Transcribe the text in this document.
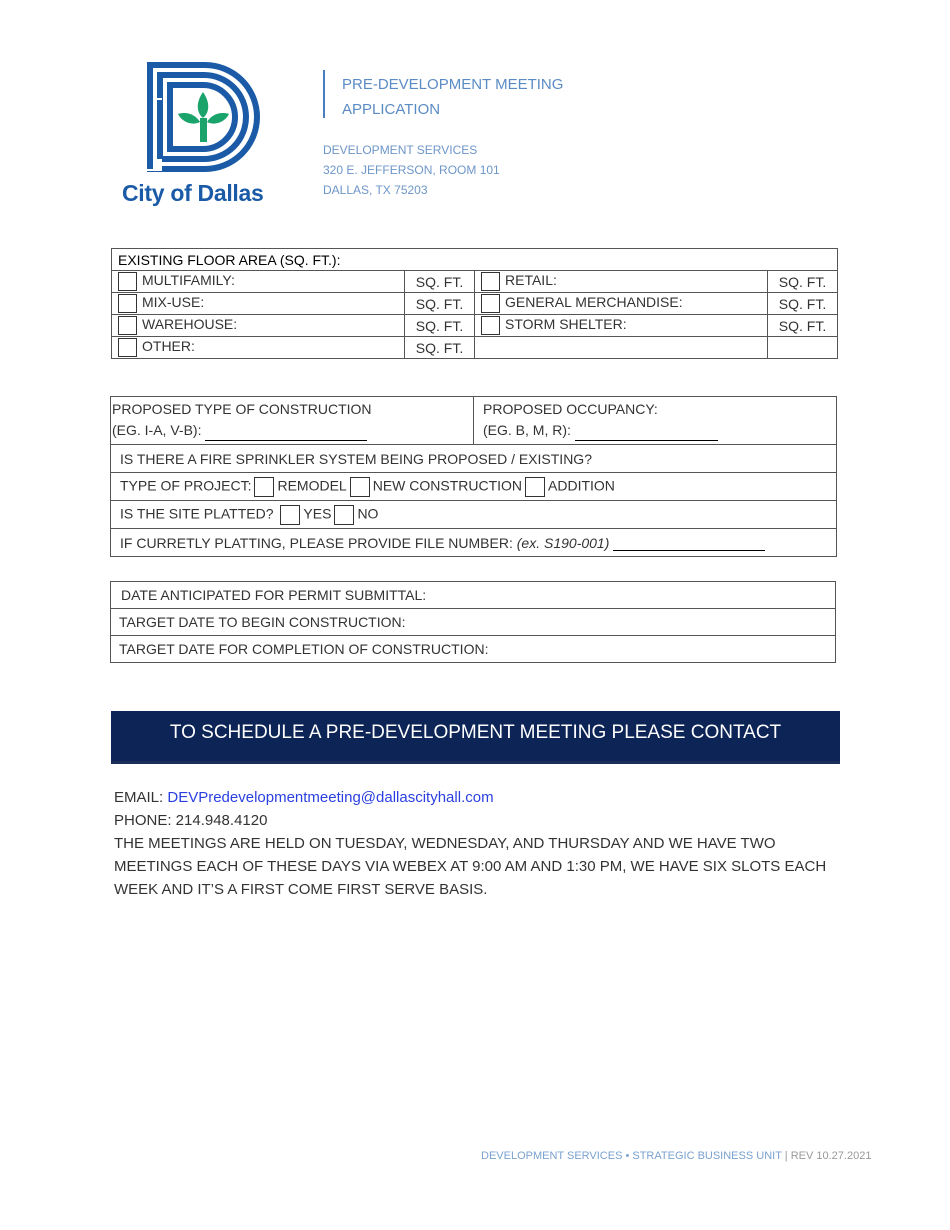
City of Dallas
PRE-DEVELOPMENT MEETING
APPLICATION
DEVELOPMENT SERVICES
320 E. JEFFERSON, ROOM 101
DALLAS, TX 75203
EXISTING FLOOR AREA (SQ. FT.):			
MULTIFAMILY:	SQ. FT.	RETAIL:	SQ. FT.
MIX-USE:	SQ. FT.	GENERAL MERCHANDISE:	SQ. FT.
WAREHOUSE:	SQ. FT.	STORM SHELTER:	SQ. FT.
OTHER:	SQ. FT.		
PROPOSED TYPE OF CONSTRUCTION
(EG. I-A, V-B):

PROPOSED OCCUPANCY:
(EG. B, M, R):

IS THERE A FIRE SPRINKLER SYSTEM BEING PROPOSED / EXISTING?
TYPE OF PROJECT: REMODEL NEW CONSTRUCTION ADDITION
IS THE SITE PLATTED? YES NO
IF CURRETLY PLATTING, PLEASE PROVIDE FILE NUMBER: (ex. S190-001)
DATE ANTICIPATED FOR PERMIT SUBMITTAL:
TARGET DATE TO BEGIN CONSTRUCTION:
TARGET DATE FOR COMPLETION OF CONSTRUCTION:
TO SCHEDULE A PRE-DEVELOPMENT MEETING PLEASE CONTACT
EMAIL: DEVPredevelopmentmeeting@dallascityhall.com
PHONE: 214.948.4120
THE MEETINGS ARE HELD ON TUESDAY, WEDNESDAY, AND THURSDAY AND WE HAVE TWO MEETINGS EACH OF THESE DAYS VIA WEBEX AT 9:00 AM AND 1:30 PM, WE HAVE SIX SLOTS EACH WEEK AND IT’S A FIRST COME FIRST SERVE BASIS.
DEVELOPMENT SERVICES • STRATEGIC BUSINESS UNIT | REV 10.27.2021
